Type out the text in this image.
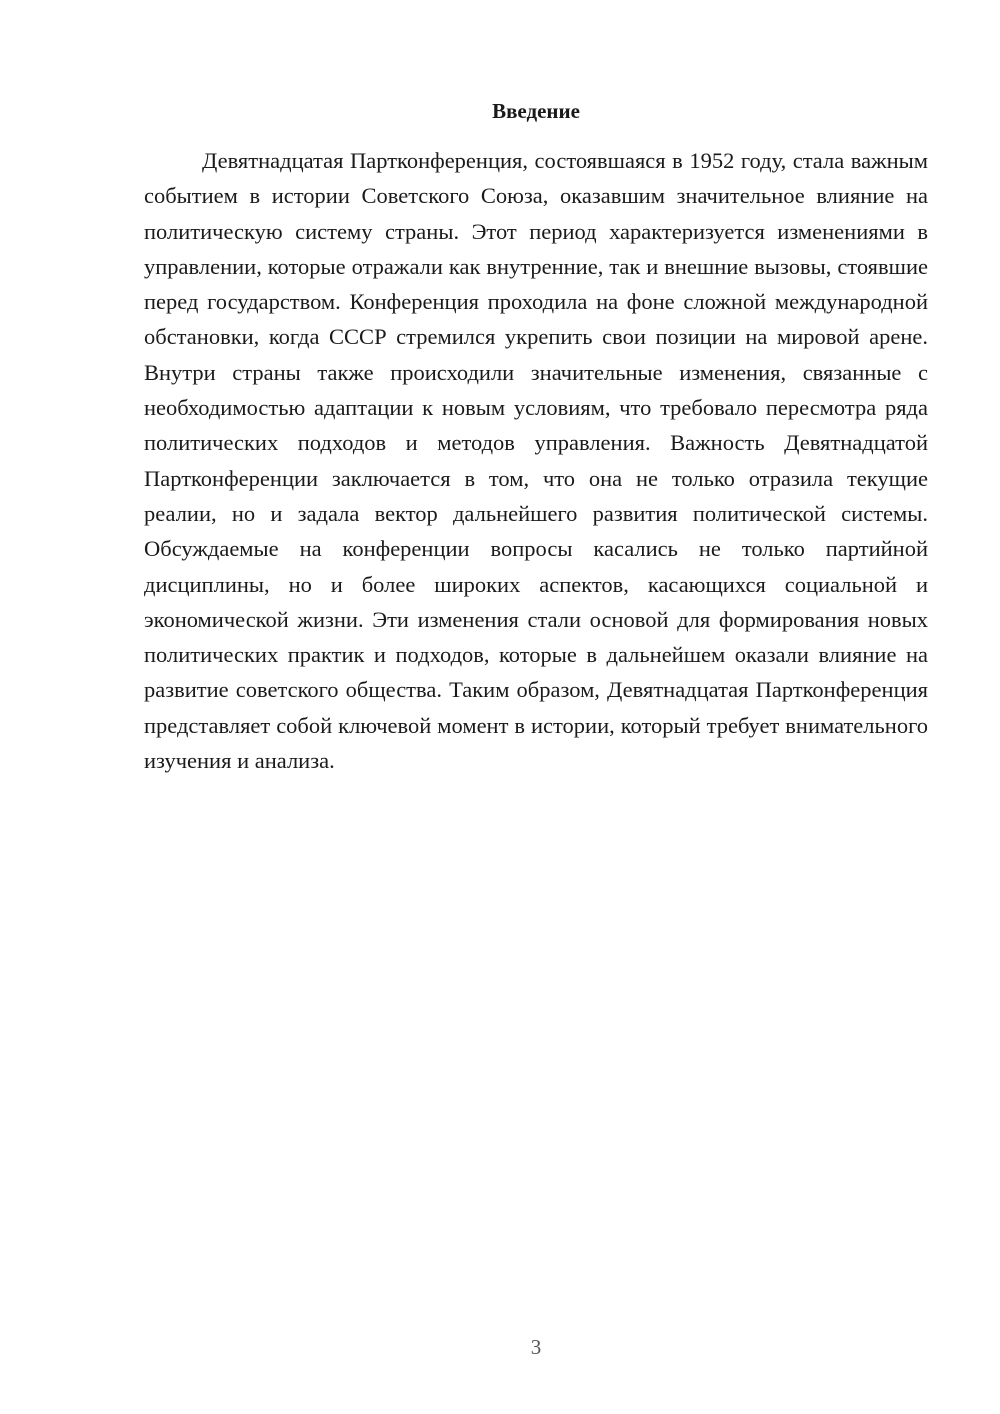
Введение

Девятнадцатая Партконференция, состоявшаяся в 1952 году, стала важным событием в истории Советского Союза, оказавшим значительное влияние на политическую систему страны. Этот период характеризуется изменениями в управлении, которые отражали как внутренние, так и внешние вызовы, стоявшие перед государством. Конференция проходила на фоне сложной международной обстановки, когда СССР стремился укрепить свои позиции на мировой арене. Внутри страны также происходили значительные изменения, связанные с необходимостью адаптации к новым условиям, что требовало пересмотра ряда политических подходов и методов управления. Важность Девятнадцатой Партконференции заключается в том, что она не только отразила текущие реалии, но и задала вектор дальнейшего развития политической системы. Обсуждаемые на конференции вопросы касались не только партийной дисциплины, но и более широких аспектов, касающихся социальной и экономической жизни. Эти изменения стали основой для формирования новых политических практик и подходов, которые в дальнейшем оказали влияние на развитие советского общества. Таким образом, Девятнадцатая Партконференция представляет собой ключевой момент в истории, который требует внимательного изучения и анализа.

3
